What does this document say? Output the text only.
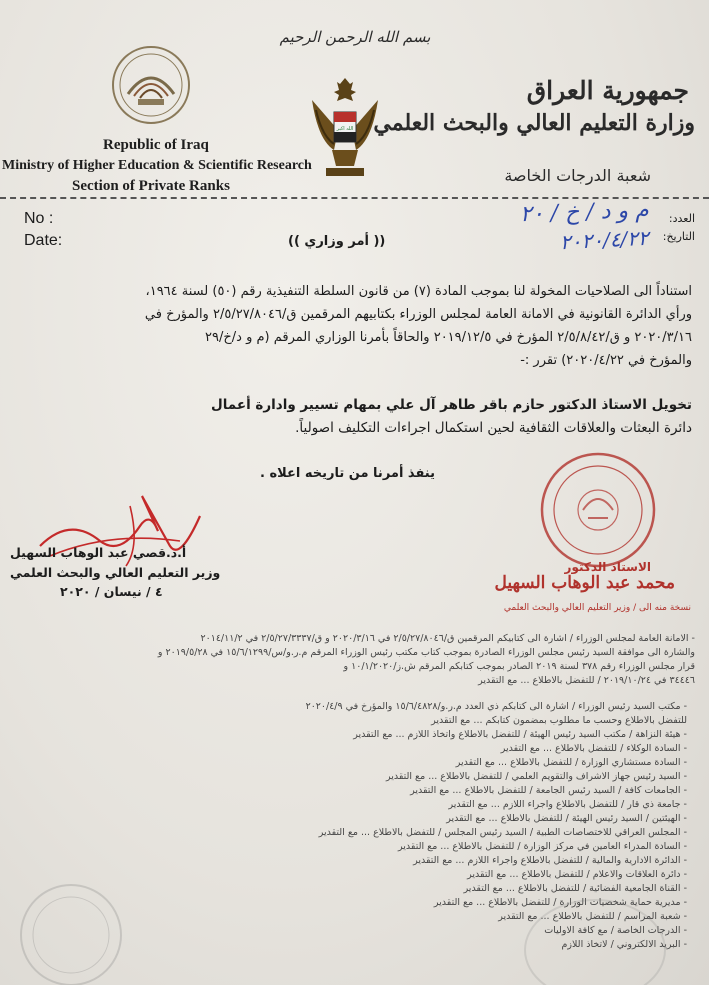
بسم الله الرحمن الرحيم
الله اكبر
جمهورية العراق
وزارة التعليم العالي والبحث العلمي
شعبة الدرجات الخاصة
Republic of Iraq
Ministry of Higher Education & Scientific Research
Section of Private Ranks
No :
Date:
العدد:
التاريخ:
م و د / خ / ٢٠
٢٠٢٠/٤/٢٢
(( أمر وزاري ))
استناداً الى الصلاحيات المخولة لنا بموجب المادة (٧) من قانون السلطة التنفيذية رقم (٥٠) لسنة ١٩٦٤،
ورأي الدائرة القانونية في الامانة العامة لمجلس الوزراء بكتابيهم المرقمين ق/٢/٥/٢٧/٨٠٤٦ والمؤرخ في
٢٠٢٠/٣/١٦ و ق/٢/٥/٨/٤٢ المؤرخ في ٢٠١٩/١٢/٥ والحاقاً بأمرنا الوزاري المرقم (م و د/خ/٢٩
والمؤرخ في ٢٠٢٠/٤/٢٢) تقرر :-
تخويل الاستاذ الدكتور حازم باقر طاهر آل علي بمهام تسيير وادارة أعمال
دائرة البعثات والعلاقات الثقافية لحين استكمال اجراءات التكليف اصولياً.
ينفذ أمرنا من تاريخه اعلاه .
أ.د.قصي عبد الوهاب السهيل
وزير التعليم العالي والبحث العلمي
٤ / نيسان / ٢٠٢٠
الاستاذ الدكتور
محمد عبد الوهاب السهيل
نسخة منه الى / وزير التعليم العالي والبحث العلمي
- الامانة العامة لمجلس الوزراء / اشارة الى كتابيكم المرقمين ق/٢/٥/٢٧/٨٠٤٦ في ٢٠٢٠/٣/١٦ و ق/٢/٥/٢٧/٣٣٣٧ في ٢٠١٤/١١/٢
والشارة الى موافقة السيد رئيس مجلس الوزراء الصادرة بموجب كتاب مكتب رئيس الوزراء المرقم م.ر.و/س/١٥/٦/١٢٩٩ في ٢٠١٩/٥/٢٨ و
قرار مجلس الوزراء رقم ٣٧٨ لسنة ٢٠١٩ الصادر بموجب كتابكم المرقم ش.ز/١٠/١/٢٠٢٠ و
٣٤٤٤٦ في ٢٠١٩/١٠/٢٤ / للتفضل بالاطلاع ... مع التقدير
- مكتب السيد رئيس الوزراء / اشارة الى كتابكم ذي العدد م.ر.و/١٥/٦/٤٨٢٨ والمؤرخ في ٢٠٢٠/٤/٩
للتفضل بالاطلاع وحسب ما مطلوب بمضمون كتابكم ... مع التقدير
- هيئة النزاهة / مكتب السيد رئيس الهيئة / للتفضل بالاطلاع واتخاذ اللازم ... مع التقدير
- السادة الوكلاء / للتفضل بالاطلاع ... مع التقدير
- السادة مستشاري الوزارة / للتفضل بالاطلاع ... مع التقدير
- السيد رئيس جهاز الاشراف والتقويم العلمي / للتفضل بالاطلاع ... مع التقدير
- الجامعات كافة / السيد رئيس الجامعة / للتفضل بالاطلاع ... مع التقدير
- جامعة ذي قار / للتفضل بالاطلاع واجراء اللازم ... مع التقدير
- الهيئتين / السيد رئيس الهيئة / للتفضل بالاطلاع ... مع التقدير
- المجلس العراقي للاختصاصات الطبية / السيد رئيس المجلس / للتفضل بالاطلاع ... مع التقدير
- السادة المدراء العامين في مركز الوزارة / للتفضل بالاطلاع ... مع التقدير
- الدائرة الادارية والمالية / للتفضل بالاطلاع واجراء اللازم ... مع التقدير
- دائرة العلاقات والاعلام / للتفضل بالاطلاع ... مع التقدير
- القناة الجامعية الفضائية / للتفضل بالاطلاع ... مع التقدير
- مديرية حماية شخصيات الوزارة / للتفضل بالاطلاع ... مع التقدير
- شعبة المراسم / للتفضل بالاطلاع ... مع التقدير
- الدرجات الخاصة / مع كافة الاوليات
- البريد الالكتروني / لاتخاذ اللازم
